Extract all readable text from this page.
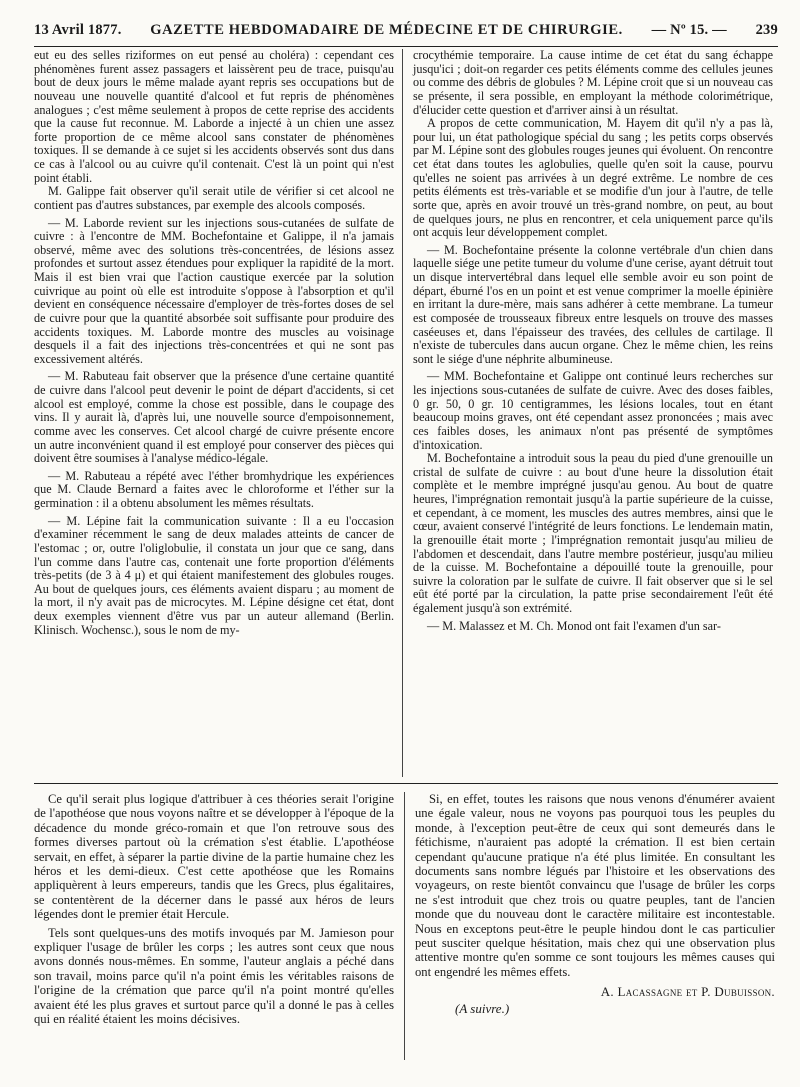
13 Avril 1877. GAZETTE HEBDOMADAIRE DE MÉDECINE ET DE CHIRURGIE. — Nº 15. — 239

eut eu des selles riziformes on eut pensé au choléra) : cependant ces phénomènes furent assez passagers et laissèrent peu de trace, puisqu'au bout de deux jours le même malade ayant repris ses occupations but de nouveau une nouvelle quantité d'alcool et fut repris de phénomènes analogues ; c'est même seulement à propos de cette reprise des accidents que la cause fut reconnue. M. Laborde a injecté à un chien une assez forte proportion de ce même alcool sans constater de phénomènes toxiques. Il se demande à ce sujet si les accidents observés sont dus dans ce cas à l'alcool ou au cuivre qu'il contenait. C'est là un point qui n'est point établi.

M. Galippe fait observer qu'il serait utile de vérifier si cet alcool ne contient pas d'autres substances, par exemple des alcools composés.

— M. Laborde revient sur les injections sous-cutanées de sulfate de cuivre : à l'encontre de MM. Bochefontaine et Galippe, il n'a jamais observé, même avec des solutions très-concentrées, de lésions assez profondes et surtout assez étendues pour expliquer la rapidité de la mort. Mais il est bien vrai que l'action caustique exercée par la solution cuivrique au point où elle est introduite s'oppose à l'absorption et qu'il devient en conséquence nécessaire d'employer de très-fortes doses de sel de cuivre pour que la quantité absorbée soit suffisante pour produire des accidents toxiques. M. Laborde montre des muscles au voisinage desquels il a fait des injections très-concentrées et qui ne sont pas excessivement altérés.

— M. Rabuteau fait observer que la présence d'une certaine quantité de cuivre dans l'alcool peut devenir le point de départ d'accidents, si cet alcool est employé, comme la chose est possible, dans le coupage des vins. Il y aurait là, d'après lui, une nouvelle source d'empoisonnement, comme avec les conserves. Cet alcool chargé de cuivre présente encore un autre inconvénient quand il est employé pour conserver des pièces qui doivent être soumises à l'analyse médico-légale.

— M. Rabuteau a répété avec l'éther bromhydrique les expériences que M. Claude Bernard a faites avec le chloroforme et l'éther sur la germination : il a obtenu absolument les mêmes résultats.

— M. Lépine fait la communication suivante : Il a eu l'occasion d'examiner récemment le sang de deux malades atteints de cancer de l'estomac ; or, outre l'oliglobulie, il constata un jour que ce sang, dans l'un comme dans l'autre cas, contenait une forte proportion d'éléments très-petits (de 3 à 4 μ) et qui étaient manifestement des globules rouges. Au bout de quelques jours, ces éléments avaient disparu ; au moment de la mort, il n'y avait pas de microcytes. M. Lépine désigne cet état, dont deux exemples viennent d'être vus par un auteur allemand (Berlin. Klinisch. Wochensc.), sous le nom de my-

crocythémie temporaire. La cause intime de cet état du sang échappe jusqu'ici ; doit-on regarder ces petits éléments comme des cellules jeunes ou comme des débris de globules ? M. Lépine croit que si un nouveau cas se présente, il sera possible, en employant la méthode colorimétrique, d'élucider cette question et d'arriver ainsi à un résultat.

A propos de cette communication, M. Hayem dit qu'il n'y a pas là, pour lui, un état pathologique spécial du sang ; les petits corps observés par M. Lépine sont des globules rouges jeunes qui évoluent. On rencontre cet état dans toutes les aglobulies, quelle qu'en soit la cause, pourvu qu'elles ne soient pas arrivées à un degré extrême. Le nombre de ces petits éléments est très-variable et se modifie d'un jour à l'autre, de telle sorte que, après en avoir trouvé un très-grand nombre, on peut, au bout de quelques jours, ne plus en rencontrer, et cela uniquement parce qu'ils ont acquis leur développement complet.

— M. Bochefontaine présente la colonne vertébrale d'un chien dans laquelle siége une petite tumeur du volume d'une cerise, ayant détruit tout un disque intervertébral dans lequel elle semble avoir eu son point de départ, éburné l'os en un point et est venue comprimer la moelle épinière en irritant la dure-mère, mais sans adhérer à cette membrane. La tumeur est composée de trousseaux fibreux entre lesquels on trouve des masses caséeuses et, dans l'épaisseur des travées, des cellules de cartilage. Il n'existe de tubercules dans aucun organe. Chez le même chien, les reins sont le siége d'une néphrite albumineuse.

— MM. Bochefontaine et Galippe ont continué leurs recherches sur les injections sous-cutanées de sulfate de cuivre. Avec des doses faibles, 0 gr. 50, 0 gr. 10 centigrammes, les lésions locales, tout en étant beaucoup moins graves, ont été cependant assez prononcées ; mais avec ces faibles doses, les animaux n'ont pas présenté de symptômes d'intoxication.

M. Bochefontaine a introduit sous la peau du pied d'une grenouille un cristal de sulfate de cuivre : au bout d'une heure la dissolution était complète et le membre imprégné jusqu'au genou. Au bout de quatre heures, l'imprégnation remontait jusqu'à la partie supérieure de la cuisse, et cependant, à ce moment, les muscles des autres membres, ainsi que le cœur, avaient conservé l'intégrité de leurs fonctions. Le lendemain matin, la grenouille était morte ; l'imprégnation remontait jusqu'au milieu de l'abdomen et descendait, dans l'autre membre postérieur, jusqu'au milieu de la cuisse. M. Bochefontaine a dépouillé toute la grenouille, pour suivre la coloration par le sulfate de cuivre. Il fait observer que si le sel eût été porté par la circulation, la patte prise secondairement l'eût été également jusqu'à son extrémité.

— M. Malassez et M. Ch. Monod ont fait l'examen d'un sar-

Ce qu'il serait plus logique d'attribuer à ces théories serait l'origine de l'apothéose que nous voyons naître et se développer à l'époque de la décadence du monde gréco-romain et que l'on retrouve sous des formes diverses partout où la crémation s'est établie. L'apothéose servait, en effet, à séparer la partie divine de la partie humaine chez les héros et les demi-dieux. C'est cette apothéose que les Romains appliquèrent à leurs empereurs, tandis que les Grecs, plus égalitaires, se contentèrent de la décerner dans le passé aux héros de leurs légendes dont le premier était Hercule.

Tels sont quelques-uns des motifs invoqués par M. Jamieson pour expliquer l'usage de brûler les corps ; les autres sont ceux que nous avons donnés nous-mêmes. En somme, l'auteur anglais a péché dans son travail, moins parce qu'il n'a point émis les véritables raisons de l'origine de la crémation que parce qu'il n'a point montré qu'elles avaient été les plus graves et surtout parce qu'il a donné le pas à celles qui en réalité étaient les moins décisives.

Si, en effet, toutes les raisons que nous venons d'énumérer avaient une égale valeur, nous ne voyons pas pourquoi tous les peuples du monde, à l'exception peut-être de ceux qui sont demeurés dans le fétichisme, n'auraient pas adopté la crémation. Il est bien certain cependant qu'aucune pratique n'a été plus limitée. En consultant les documents sans nombre légués par l'histoire et les observations des voyageurs, on reste bientôt convaincu que l'usage de brûler les corps ne s'est introduit que chez trois ou quatre peuples, tant de l'ancien monde que du nouveau dont le caractère militaire est incontestable. Nous en exceptons peut-être le peuple hindou dont le cas particulier peut susciter quelque hésitation, mais chez qui une observation plus attentive montre qu'en somme ce sont toujours les mêmes causes qui ont engendré les mêmes effets.

A. Lacassagne et P. Dubuisson.
(A suivre.)
